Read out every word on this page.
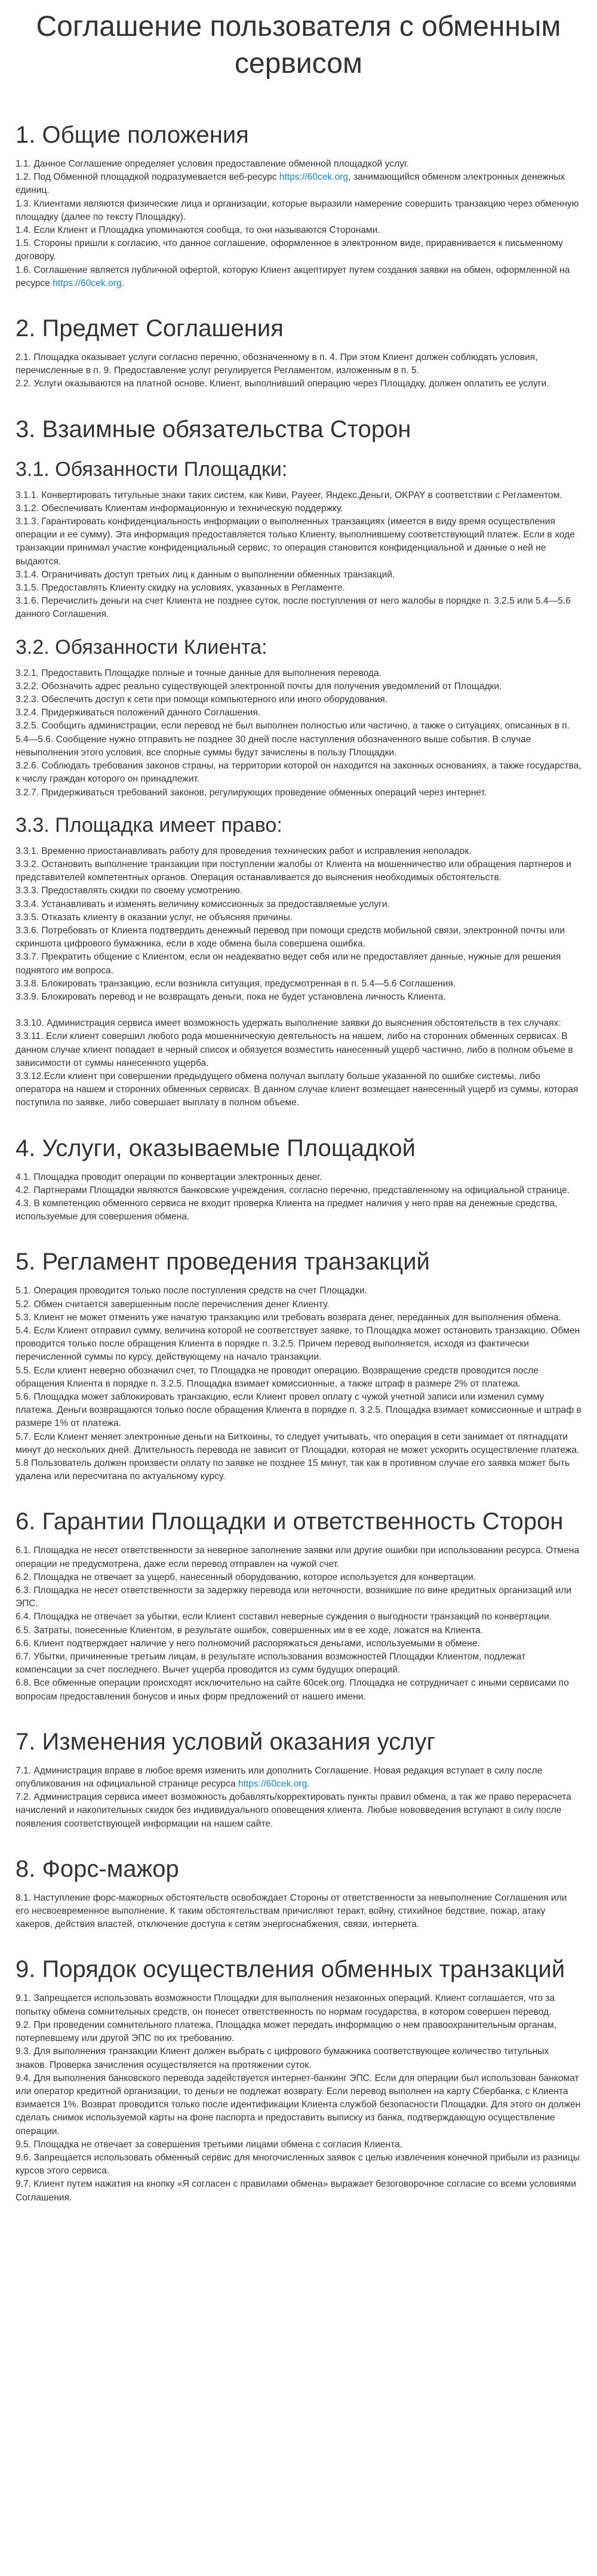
Соглашение пользователя с обменным сервисом
1. Общие положения

1.1. Данное Соглашение определяет условия предоставление обменной площадкой услуг.

1.2. Под Обменной площадкой подразумевается веб-ресурс https://60cek.org, занимающийся обменом электронных денежных единиц.

1.3. Клиентами являются физические лица и организации, которые выразили намерение совершить транзакцию через обменную площадку (далее по тексту Площадку).

1.4. Если Клиент и Площадка упоминаются сообща, то они называются Сторонами.

1.5. Стороны пришли к согласию, что данное соглашение, оформленное в электронном виде, приравнивается к письменному договору.

1.6. Соглашение является публичной офертой, которую Клиент акцептирует путем создания заявки на обмен, оформленной на ресурсе https://60cek.org.

2. Предмет Соглашения

2.1. Площадка оказывает услуги согласно перечню, обозначенному в п. 4. При этом Клиент должен соблюдать условия, перечисленные в п. 9. Предоставление услуг регулируется Регламентом, изложенным в п. 5.

2.2. Услуги оказываются на платной основе. Клиент, выполнивший операцию через Площадку, должен оплатить ее услуги.

3. Взаимные обязательства Сторон
3.1. Обязанности Площадки:

3.1.1. Конвертировать титульные знаки таких систем, как Киви, Payeer, Яндекс.Деньги, OKPAY в соответствии с Регламентом.

3.1.2. Обеспечивать Клиентам информационную и техническую поддержку.

3.1.3. Гарантировать конфиденциальность информации о выполненных транзакциях (имеется в виду время осуществления операции и ее сумму). Эта информация предоставляется только Клиенту, выполнившему соответствующий платеж. Если в ходе транзакции принимал участие конфиденциальный сервис, то операция становится конфиденциальной и данные о ней не выдаются.

3.1.4. Ограничивать доступ третьих лиц к данным о выполнении обменных транзакций.

3.1.5. Предоставлять Клиенту скидку на условиях, указанных в Регламенте.

3.1.6. Перечислить деньги на счет Клиента не позднее суток, после поступления от него жалобы в порядке п. 3.2.5 или 5.4—5.6 данного Соглашения.

3.2. Обязанности Клиента:

3.2.1. Предоставить Площадке полные и точные данные для выполнения перевода.

3.2.2. Обозначить адрес реально существующей электронной почты для получения уведомлений от Площадки.

3.2.3. Обеспечить доступ к сети при помощи компьютерного или иного оборудования.

3.2.4. Придерживаться положений данного Соглашения.

3.2.5. Сообщить администрации, если перевод не был выполнен полностью или частично, а также о ситуациях, описанных в п. 5.4—5.6. Сообщение нужно отправить не позднее 30 дней после наступления обозначенного выше события. В случае невыполнения этого условия, все спорные суммы будут зачислены в пользу Площадки.

3.2.6. Соблюдать требования законов страны, на территории которой он находится на законных основаниях, а также государства, к числу граждан которого он принадлежит.

3.2.7. Придерживаться требований законов, регулирующих проведение обменных операций через интернет.

3.3. Площадка имеет право:

3.3.1. Временно приостанавливать работу для проведения технических работ и исправления неполадок.

3.3.2. Остановить выполнение транзакции при поступлении жалобы от Клиента на мошенничество или обращения партнеров и представителей компетентных органов. Операция останавливается до выяснения необходимых обстоятельств.

3.3.3. Предоставлять скидки по своему усмотрению.

3.3.4. Устанавливать и изменять величину комиссионных за предоставляемые услуги.

3.3.5. Отказать клиенту в оказании услуг, не объясняя причины.

3.3.6. Потребовать от Клиента подтвердить денежный перевод при помощи средств мобильной связи, электронной почты или скриншота цифрового бумажника, если в ходе обмена была совершена ошибка.

3.3.7. Прекратить общение с Клиентом, если он неадекватно ведет себя или не предоставляет данные, нужные для решения поднятого им вопроса.

3.3.8. Блокировать транзакцию, если возникла ситуация, предусмотренная в п. 5.4—5.6 Соглашения.

3.3.9. Блокировать перевод и не возвращать деньги, пока не будет установлена личность Клиента.

3.3.10. Администрация сервиса имеет возможность удержать выполнение заявки до выяснения обстоятельств в тех случаях:

3.3.11. Если клиент совершил любого рода мошенническую деятельность на нашем, либо на сторонних обменных сервисах. В данном случае клиент попадает в черный список и обязуется возместить нанесенный ущерб частично, либо в полном объеме в зависимости от суммы нанесенного ущерба.

3.3.12.Если клиент при совершении предыдущего обмена получал выплату больше указанной по ошибке системы, либо оператора на нашем и сторонних обменных сервисах. В данном случае клиент возмещает нанесенный ущерб из суммы, которая поступила по заявке, либо совершает выплату в полном объеме.

4. Услуги, оказываемые Площадкой

4.1. Площадка проводит операции по конвертации электронных денег.

4.2. Партнерами Площадки являются банковские учреждения, согласно перечню, представленному на официальной странице.

4.3. В компетенцию обменного сервиса не входит проверка Клиента на предмет наличия у него прав на денежные средства, используемые для совершения обмена.

5. Регламент проведения транзакций

5.1. Операция проводится только после поступления средств на счет Площадки.

5.2. Обмен считается завершенным после перечисления денег Клиенту.

5.3. Клиент не может отменить уже начатую транзакцию или требовать возврата денег, переданных для выполнения обмена.

5.4. Если Клиент отправил сумму, величина которой не соответствует заявке, то Площадка может остановить транзакцию. Обмен проводится только после обращения Клиента в порядке п. 3.2.5. Причем перевод выполняется, исходя из фактически перечисленной суммы по курсу, действующему на начало транзакции.

5.5. Если клиент неверно обозначил счет, то Площадка не проводит операцию. Возвращение средств проводится после обращения Клиента в порядке п. 3.2.5. Площадка взимает комиссионные, а также штраф в размере 2% от платежа.

5.6. Площадка может заблокировать транзакцию, если Клиент провел оплату с чужой учетной записи или изменил сумму платежа. Деньги возвращаются только после обращения Клиента в порядке п. 3.2.5. Площадка взимает комиссионные и штраф в размере 1% от платежа.

5.7. Если Клиент меняет электронные деньги на Биткоины, то следует учитывать, что операция в сети занимает от пятнадцати минут до нескольких дней. Длительность перевода не зависит от Площадки, которая не может ускорить осуществление платежа.

5.8 Пользователь должен произвести оплату по заявке не позднее 15 минут, так как в противном случае его заявка может быть удалена или пересчитана по актуальному курсу.

6. Гарантии Площадки и ответственность Сторон

6.1. Площадка не несет ответственности за неверное заполнение заявки или другие ошибки при использовании ресурса. Отмена операции не предусмотрена, даже если перевод отправлен на чужой счет.

6.2. Площадка не отвечает за ущерб, нанесенный оборудованию, которое используется для конвертации.

6.3. Площадка не несет ответственности за задержку перевода или неточности, возникшие по вине кредитных организаций или ЭПС.

6.4. Площадка не отвечает за убытки, если Клиент составил неверные суждения о выгодности транзакций по конвертации.

6.5. Затраты, понесенные Клиентом, в результате ошибок, совершенных им в ее ходе, ложатся на Клиента.

6.6. Клиент подтверждает наличие у него полномочий распоряжаться деньгами, используемыми в обмене.

6.7. Убытки, причиненные третьим лицам, в результате использования возможностей Площадки Клиентом, подлежат компенсации за счет последнего. Вычет ущерба проводится из сумм будущих операций.

6.8. Все обменные операции происходят исключительно на сайте 60cek.org. Площадка не сотрудничает с иными сервисами по вопросам предоставления бонусов и иных форм предложений от нашего имени.

7. Изменения условий оказания услуг

7.1. Администрация вправе в любое время изменить или дополнить Соглашение. Новая редакция вступает в силу после опубликования на официальной странице ресурса https://60cek.org.

7.2. Администрация сервиса имеет возможность добавлять/корректировать пункты правил обмена, а так же право перерасчета начислений и накопительных скидок без индивидуального оповещения клиента. Любые нововведения вступают в силу после появления соответствующей информации на нашем сайте.

8. Форс-мажор

8.1. Наступление форс-мажорных обстоятельств освобождает Стороны от ответственности за невыполнение Соглашения или его несвоевременное выполнение. К таким обстоятельствам причисляют теракт, войну, стихийное бедствие, пожар, атаку хакеров, действия властей, отключение доступа к сетям энергоснабжения, связи, интернета.

9. Порядок осуществления обменных транзакций

9.1. Запрещается использовать возможности Площадки для выполнения незаконных операций. Клиент соглашается, что за попытку обмена сомнительных средств, он понесет ответственность по нормам государства, в котором совершен перевод.

9.2. При проведении сомнительного платежа, Площадка может передать информацию о нем правоохранительным органам, потерпевшему или другой ЭПС по их требованию.

9.3. Для выполнения транзакции Клиент должен выбрать с цифрового бумажника соответствующее количество титульных знаков. Проверка зачисления осуществляется на протяжении суток.

9.4. Для выполнения банковского перевода задействуется интернет-банкинг ЭПС. Если для операции был использован банкомат или оператор кредитной организации, то деньги не подлежат возврату. Если перевод выполнен на карту Сбербанка, с Клиента взимается 1%. Возврат проводится только после идентификации Клиента службой безопасности Площадки. Для этого он должен сделать снимок используемой карты на фоне паспорта и предоставить выписку из банка, подтверждающую осуществление операции.

9.5. Площадка не отвечает за совершения третьими лицами обмена с согласия Клиента.

9.6. Запрещается использовать обменный сервис для многочисленных заявок с целью извлечения конечной прибыли из разницы курсов этого сервиса.

9.7. Клиент путем нажатия на кнопку «Я согласен с правилами обмена» выражает безоговорочное согласие со всеми условиями Соглашения.
